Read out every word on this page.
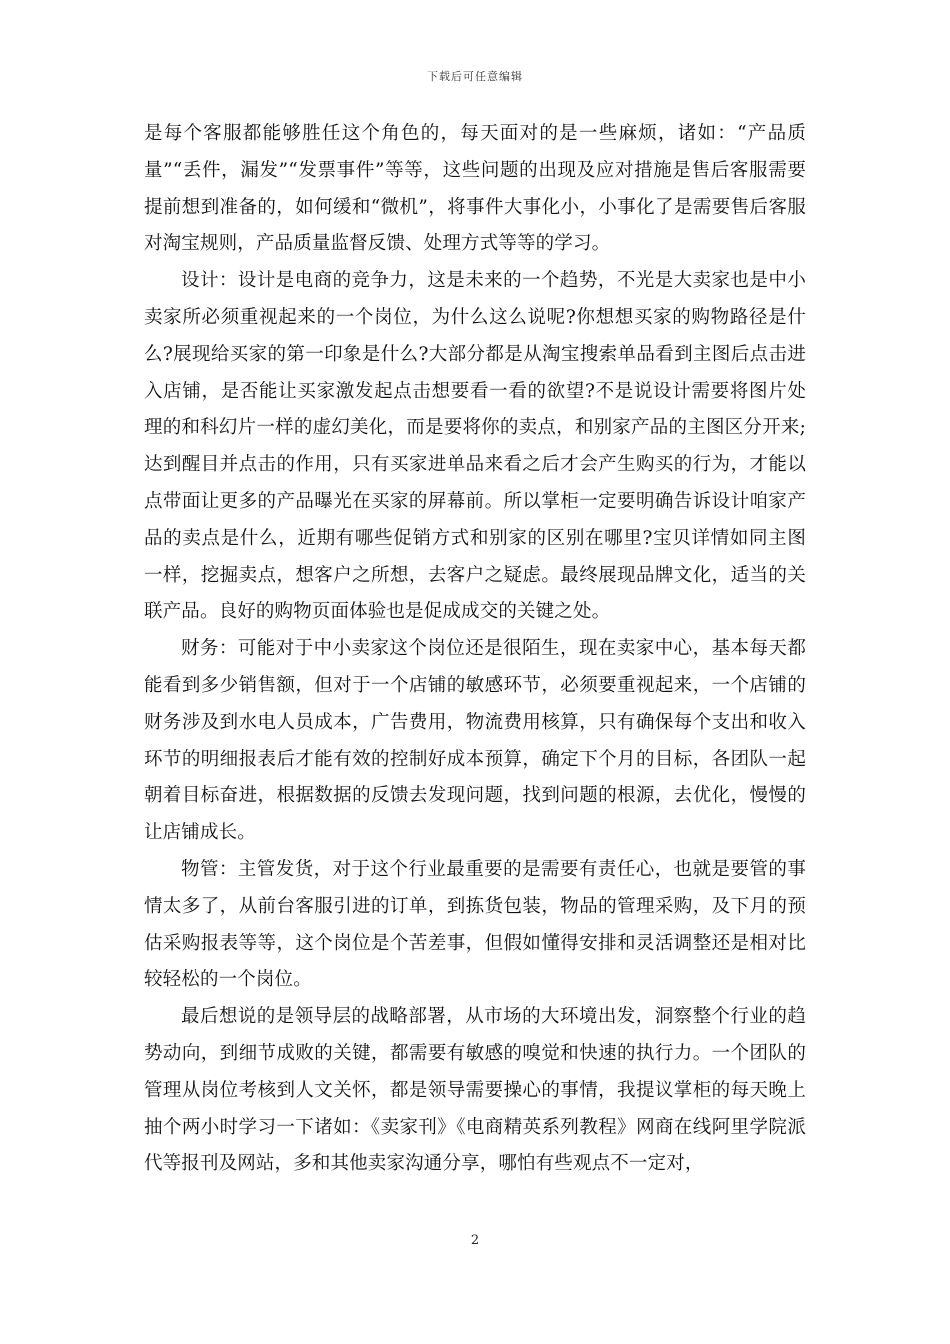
下载后可任意编辑

是每个客服都能够胜任这个角色的，每天面对的是一些麻烦，诸如：“产品质量”“丢件，漏发”“发票事件”等等，这些问题的出现及应对措施是售后客服需要提前想到准备的，如何缓和“微机”，将事件大事化小，小事化了是需要售后客服对淘宝规则，产品质量监督反馈、处理方式等等的学习。

设计：设计是电商的竞争力，这是未来的一个趋势，不光是大卖家也是中小卖家所必须重视起来的一个岗位，为什么这么说呢?你想想买家的购物路径是什么?展现给买家的第一印象是什么?大部分都是从淘宝搜索单品看到主图后点击进入店铺，是否能让买家激发起点击想要看一看的欲望?不是说设计需要将图片处理的和科幻片一样的虚幻美化，而是要将你的卖点，和别家产品的主图区分开来;达到醒目并点击的作用，只有买家进单品来看之后才会产生购买的行为，才能以点带面让更多的产品曝光在买家的屏幕前。所以掌柜一定要明确告诉设计咱家产品的卖点是什么，近期有哪些促销方式和别家的区别在哪里?宝贝详情如同主图一样，挖掘卖点，想客户之所想，去客户之疑虑。最终展现品牌文化，适当的关联产品。良好的购物页面体验也是促成成交的关键之处。

财务：可能对于中小卖家这个岗位还是很陌生，现在卖家中心，基本每天都能看到多少销售额，但对于一个店铺的敏感环节，必须要重视起来，一个店铺的财务涉及到水电人员成本，广告费用，物流费用核算，只有确保每个支出和收入环节的明细报表后才能有效的控制好成本预算，确定下个月的目标，各团队一起朝着目标奋进，根据数据的反馈去发现问题，找到问题的根源，去优化，慢慢的让店铺成长。

物管：主管发货，对于这个行业最重要的是需要有责任心，也就是要管的事情太多了，从前台客服引进的订单，到拣货包装，物品的管理采购，及下月的预估采购报表等等，这个岗位是个苦差事，但假如懂得安排和灵活调整还是相对比较轻松的一个岗位。

最后想说的是领导层的战略部署，从市场的大环境出发，洞察整个行业的趋势动向，到细节成败的关键，都需要有敏感的嗅觉和快速的执行力。一个团队的管理从岗位考核到人文关怀，都是领导需要操心的事情，我提议掌柜的每天晚上抽个两小时学习一下诸如：《卖家刊》《电商精英系列教程》网商在线阿里学院派代等报刊及网站，多和其他卖家沟通分享，哪怕有些观点不一定对，

2
